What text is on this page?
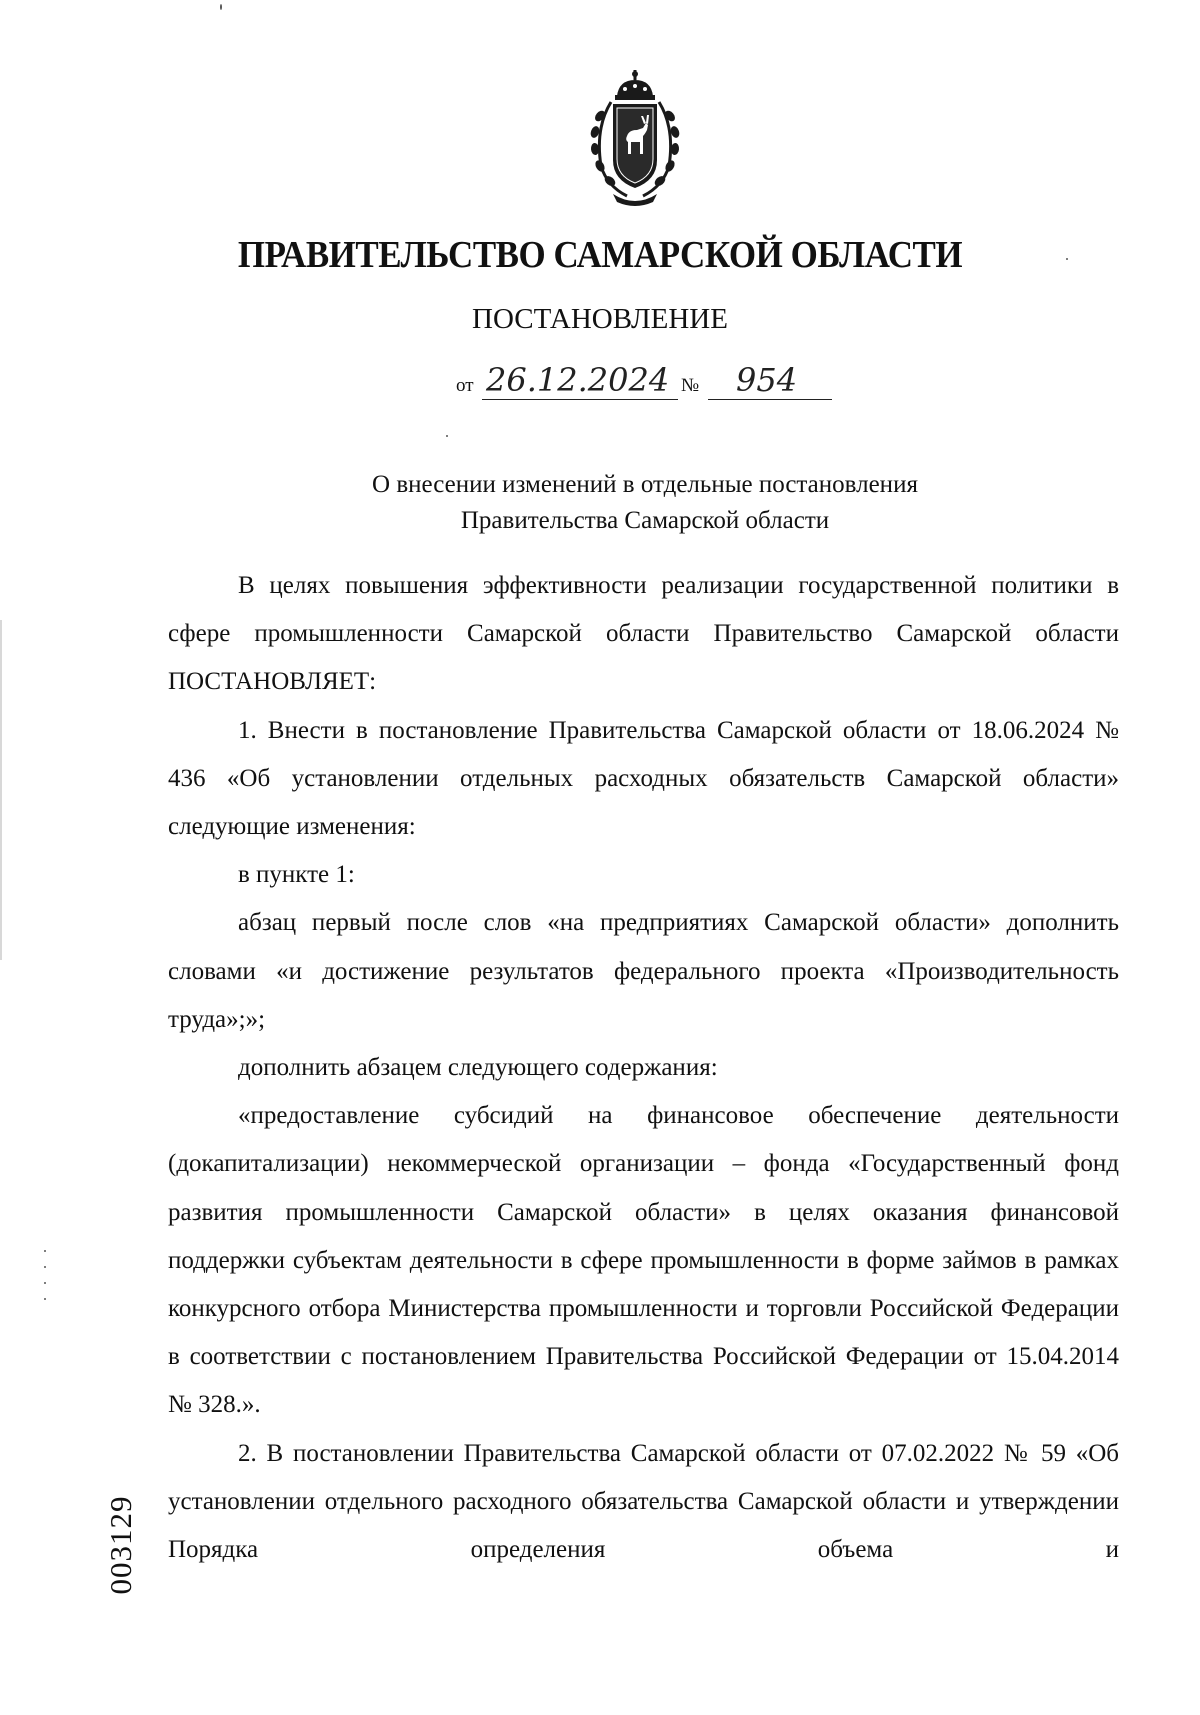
ПРАВИТЕЛЬСТВО САМАРСКОЙ ОБЛАСТИ
ПОСТАНОВЛЕНИЕ
от 26.12.2024 № 954
О внесении изменений в отдельные постановления
Правительства Самарской области

В целях повышения эффективности реализации государственной политики в сфере промышленности Самарской области Правительство Самарской области ПОСТАНОВЛЯЕТ:

1. Внести в постановление Правительства Самарской области от 18.06.2024 № 436 «Об установлении отдельных расходных обязательств Самарской области» следующие изменения:

в пункте 1:

абзац первый после слов «на предприятиях Самарской области» дополнить словами «и достижение результатов федерального проекта «Производительность труда»;»;

дополнить абзацем следующего содержания:

«предоставление субсидий на финансовое обеспечение деятельности (докапитализации) некоммерческой организации – фонда «Государственный фонд развития промышленности Самарской области» в целях оказания финансовой поддержки субъектам деятельности в сфере промышленности в форме займов в рамках конкурсного отбора Министерства промышленности и торговли Российской Федерации в соответствии с постановлением Правительства Российской Федерации от 15.04.2014 № 328.».

2. В постановлении Правительства Самарской области от 07.02.2022 № 59 «Об установлении отдельного расходного обязательства Самарской области и утверждении Порядка определения объема и

003129
